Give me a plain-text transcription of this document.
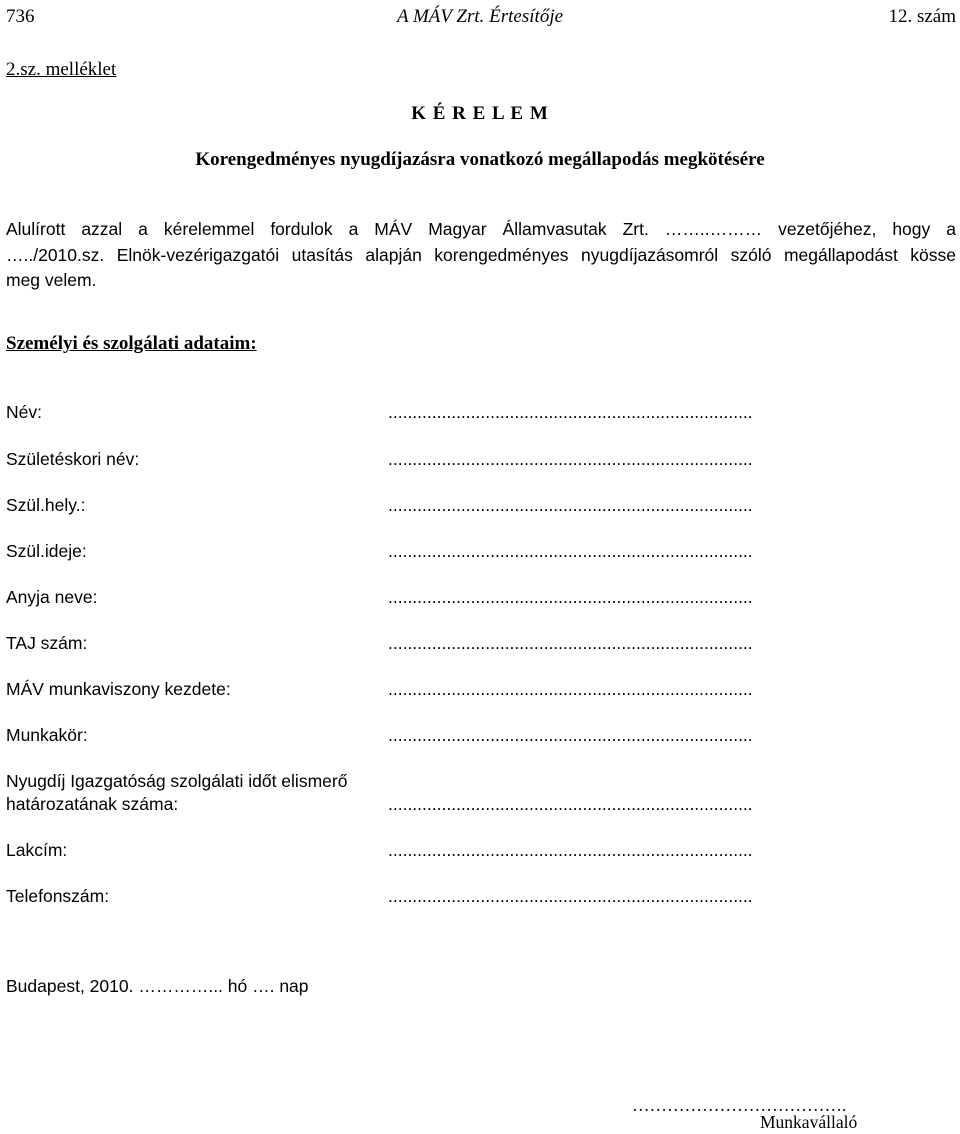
736	A MÁV Zrt. Értesítője	12. szám
2.sz. melléklet
K É R E L E M
Korengedményes nyugdíjazásra vonatkozó megállapodás megkötésére
Alulírott azzal a kérelemmel fordulok a MÁV Magyar Államvasutak Zrt. ……..……… vezetőjéhez, hogy a
…../2010.sz. Elnök-vezérigazgatói utasítás alapján korengedményes nyugdíjazásomról szóló megállapodást kösse
meg velem.
Személyi és szolgálati adataim:
Név:	...........................................................................
Születéskori név:	...........................................................................
Szül.hely.:	...........................................................................
Szül.ideje:	...........................................................................
Anyja neve:	...........................................................................
TAJ szám:	...........................................................................
MÁV munkaviszony kezdete:	...........................................................................
Munkakör:	...........................................................................
Nyugdíj Igazgatóság szolgálati időt elismerő
határozatának száma:	...........................................................................
Lakcím:	...........................................................................
Telefonszám:	...........................................................................
Budapest, 2010. …………... hó …. nap
……………………………….
Munkavállaló
